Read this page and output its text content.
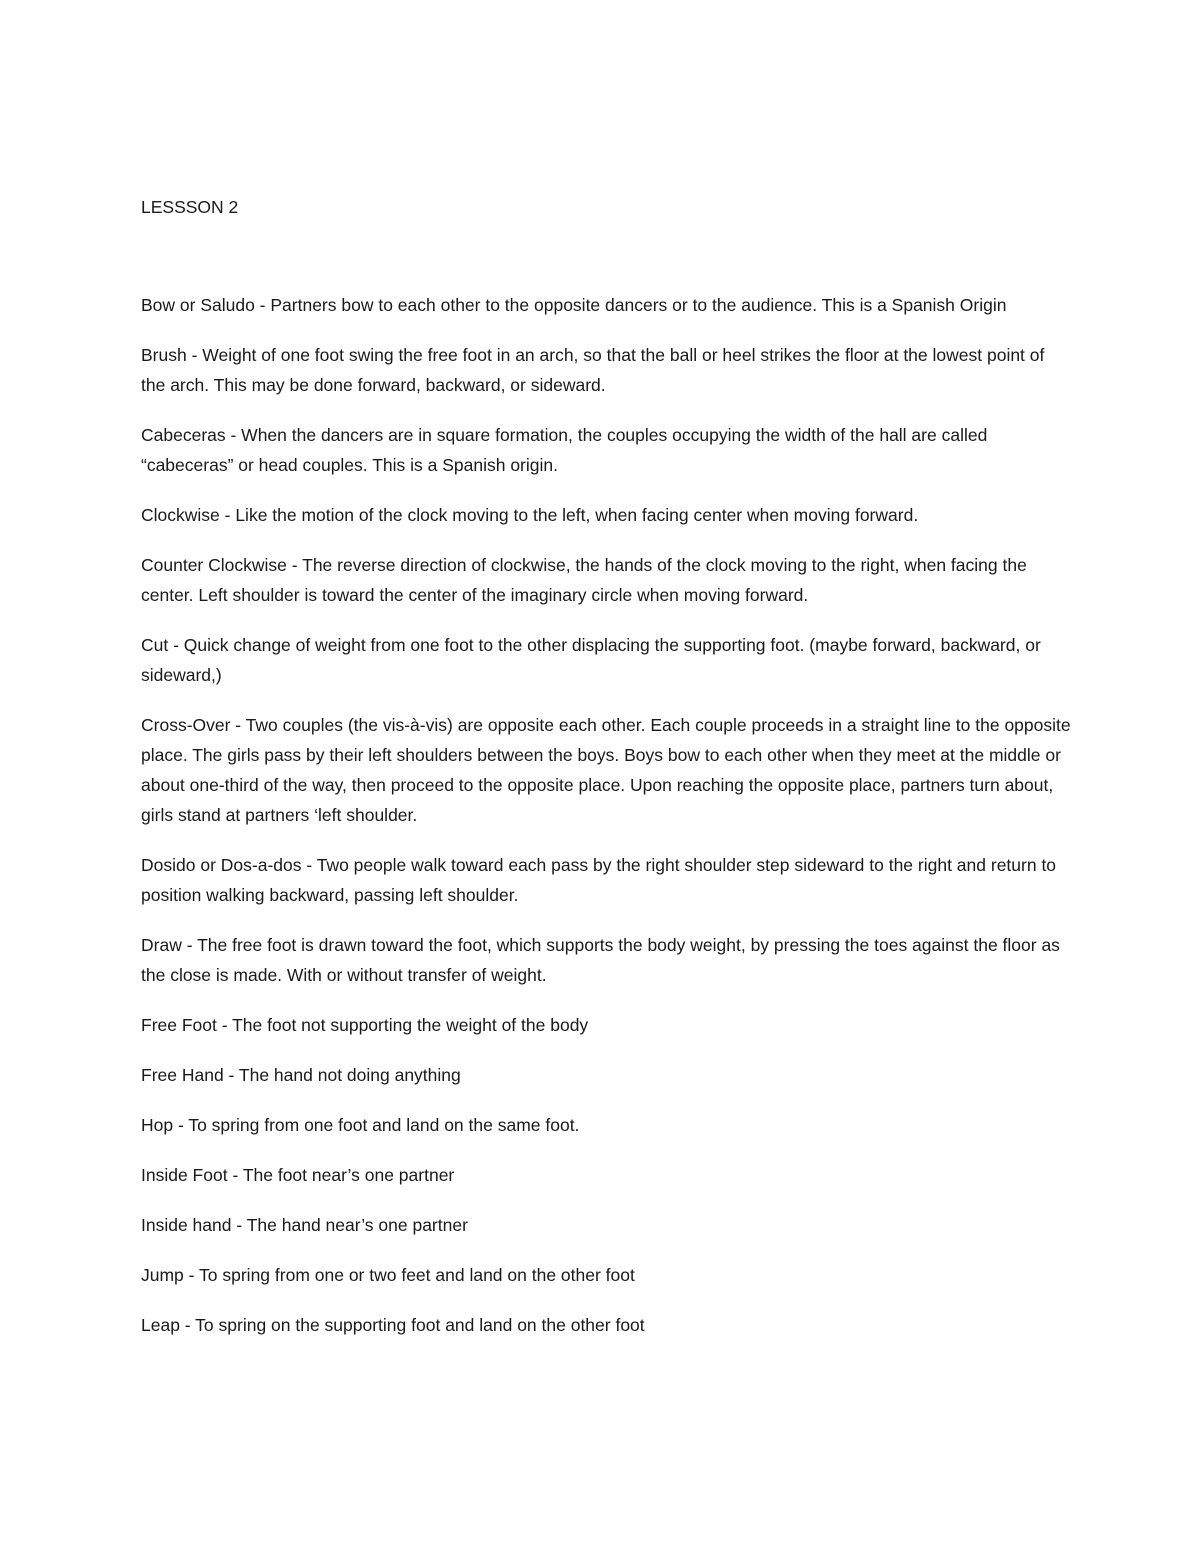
LESSSON 2

Bow or Saludo - Partners bow to each other to the opposite dancers or to the audience. This is a Spanish Origin

Brush - Weight of one foot swing the free foot in an arch, so that the ball or heel strikes the floor at the lowest point of the arch. This may be done forward, backward, or sideward.

Cabeceras - When the dancers are in square formation, the couples occupying the width of the hall are called “cabeceras” or head couples. This is a Spanish origin.

Clockwise - Like the motion of the clock moving to the left, when facing center when moving forward.

Counter Clockwise - The reverse direction of clockwise, the hands of the clock moving to the right, when facing the center. Left shoulder is toward the center of the imaginary circle when moving forward.

Cut - Quick change of weight from one foot to the other displacing the supporting foot. (maybe forward, backward, or sideward,)

Cross-Over - Two couples (the vis-à-vis) are opposite each other. Each couple proceeds in a straight line to the opposite place. The girls pass by their left shoulders between the boys. Boys bow to each other when they meet at the middle or about one-third of the way, then proceed to the opposite place. Upon reaching the opposite place, partners turn about, girls stand at partners ‘left shoulder.

Dosido or Dos-a-dos - Two people walk toward each pass by the right shoulder step sideward to the right and return to position walking backward, passing left shoulder.

Draw - The free foot is drawn toward the foot, which supports the body weight, by pressing the toes against the floor as the close is made. With or without transfer of weight.

Free Foot - The foot not supporting the weight of the body

Free Hand - The hand not doing anything

Hop - To spring from one foot and land on the same foot.

Inside Foot - The foot near’s one partner

Inside hand - The hand near’s one partner

Jump - To spring from one or two feet and land on the other foot

Leap - To spring on the supporting foot and land on the other foot
